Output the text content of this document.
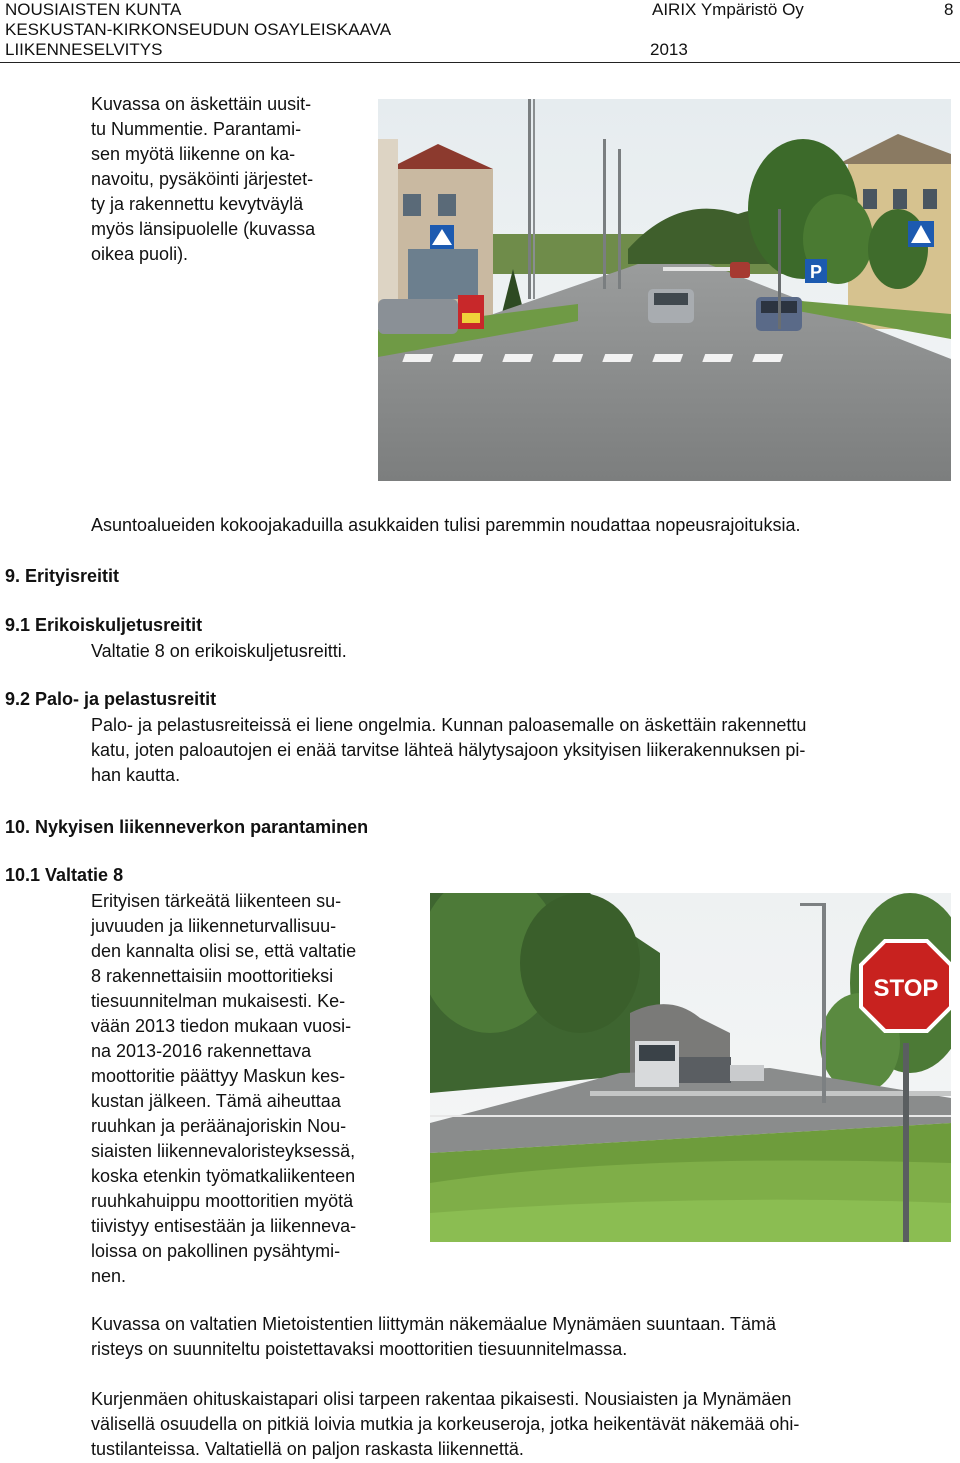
NOUSIAISTEN KUNTA	AIRIX Ympäristö Oy	8
KESKUSTAN-KIRKONSEUDUN OSAYLEISKAAVA
LIIKENNESELVITYS	2013
Kuvassa on äskettäin uusit-
tu Nummentie. Parantami-
sen myötä liikenne on ka-
navoitu, pysäköinti järjestet-
ty ja rakennettu kevytväylä
myös länsipuolelle (kuvassa
oikea puoli).
P
Asuntoalueiden kokoojakaduilla asukkaiden tulisi paremmin noudattaa nopeusrajoituksia.
9. Erityisreitit
9.1 Erikoiskuljetusreitit
Valtatie 8 on erikoiskuljetusreitti.
9.2 Palo- ja pelastusreitit
Palo- ja pelastusreiteissä ei liene ongelmia. Kunnan paloasemalle on äskettäin rakennettu
katu, joten paloautojen ei enää tarvitse lähteä hälytysajoon yksityisen liikerakennuksen pi-
han kautta.
10. Nykyisen liikenneverkon parantaminen
10.1 Valtatie 8
Erityisen tärkeätä liikenteen su-
juvuuden ja liikenneturvallisuu-
den kannalta olisi se, että valtatie
8 rakennettaisiin moottoritieksi
tiesuunnitelman mukaisesti. Ke-
vään 2013 tiedon mukaan vuosi-
na 2013-2016 rakennettava
moottoritie päättyy Maskun kes-
kustan jälkeen. Tämä aiheuttaa
ruuhkan ja peräänajoriskin Nou-
siaisten liikennevaloristeyksessä,
koska etenkin työmatkaliikenteen
ruuhkahuippu moottoritien myötä
tiivistyy entisestään ja liikenneva-
loissa on pakollinen pysähtymi-
nen.
STOP
Kuvassa on valtatien Mietoistentien liittymän näkemäalue Mynämäen suuntaan. Tämä
risteys on suunniteltu poistettavaksi moottoritien tiesuunnitelmassa.
Kurjenmäen ohituskaistapari olisi tarpeen rakentaa pikaisesti. Nousiaisten ja Mynämäen
välisellä osuudella on pitkiä loivia mutkia ja korkeuseroja, jotka heikentävät näkemää ohi-
tustilanteissa. Valtatiellä on paljon raskasta liikennettä.
